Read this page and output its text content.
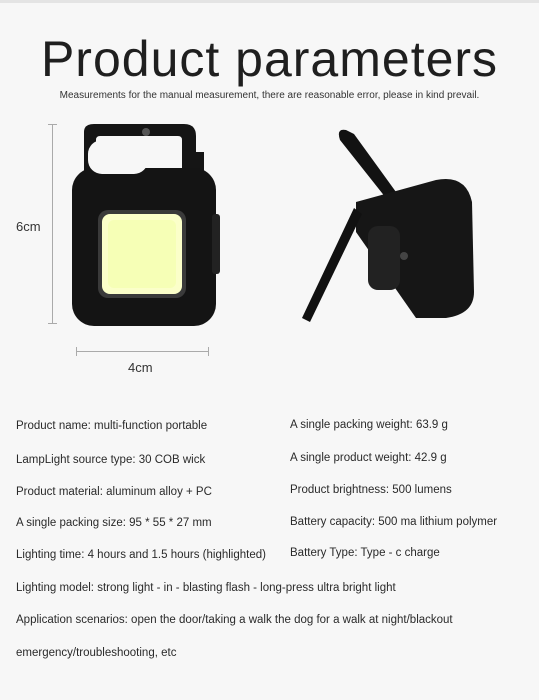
Product parameters
Measurements for the manual measurement, there are reasonable error, please in kind prevail.
6cm
4cm
Product name: multi-function portable
LampLight source type: 30 COB wick
Product material: aluminum alloy + PC
A single packing size: 95 * 55 * 27 mm
Lighting time: 4 hours and 1.5 hours (highlighted)
A single packing weight: 63.9 g
A single product weight: 42.9 g
Product brightness: 500 lumens
Battery capacity: 500 ma lithium polymer
Battery Type: Type - c charge
Lighting model: strong light - in - blasting flash - long-press ultra bright light
Application scenarios: open the door/taking a walk the dog for a walk at night/blackout
emergency/troubleshooting, etc
